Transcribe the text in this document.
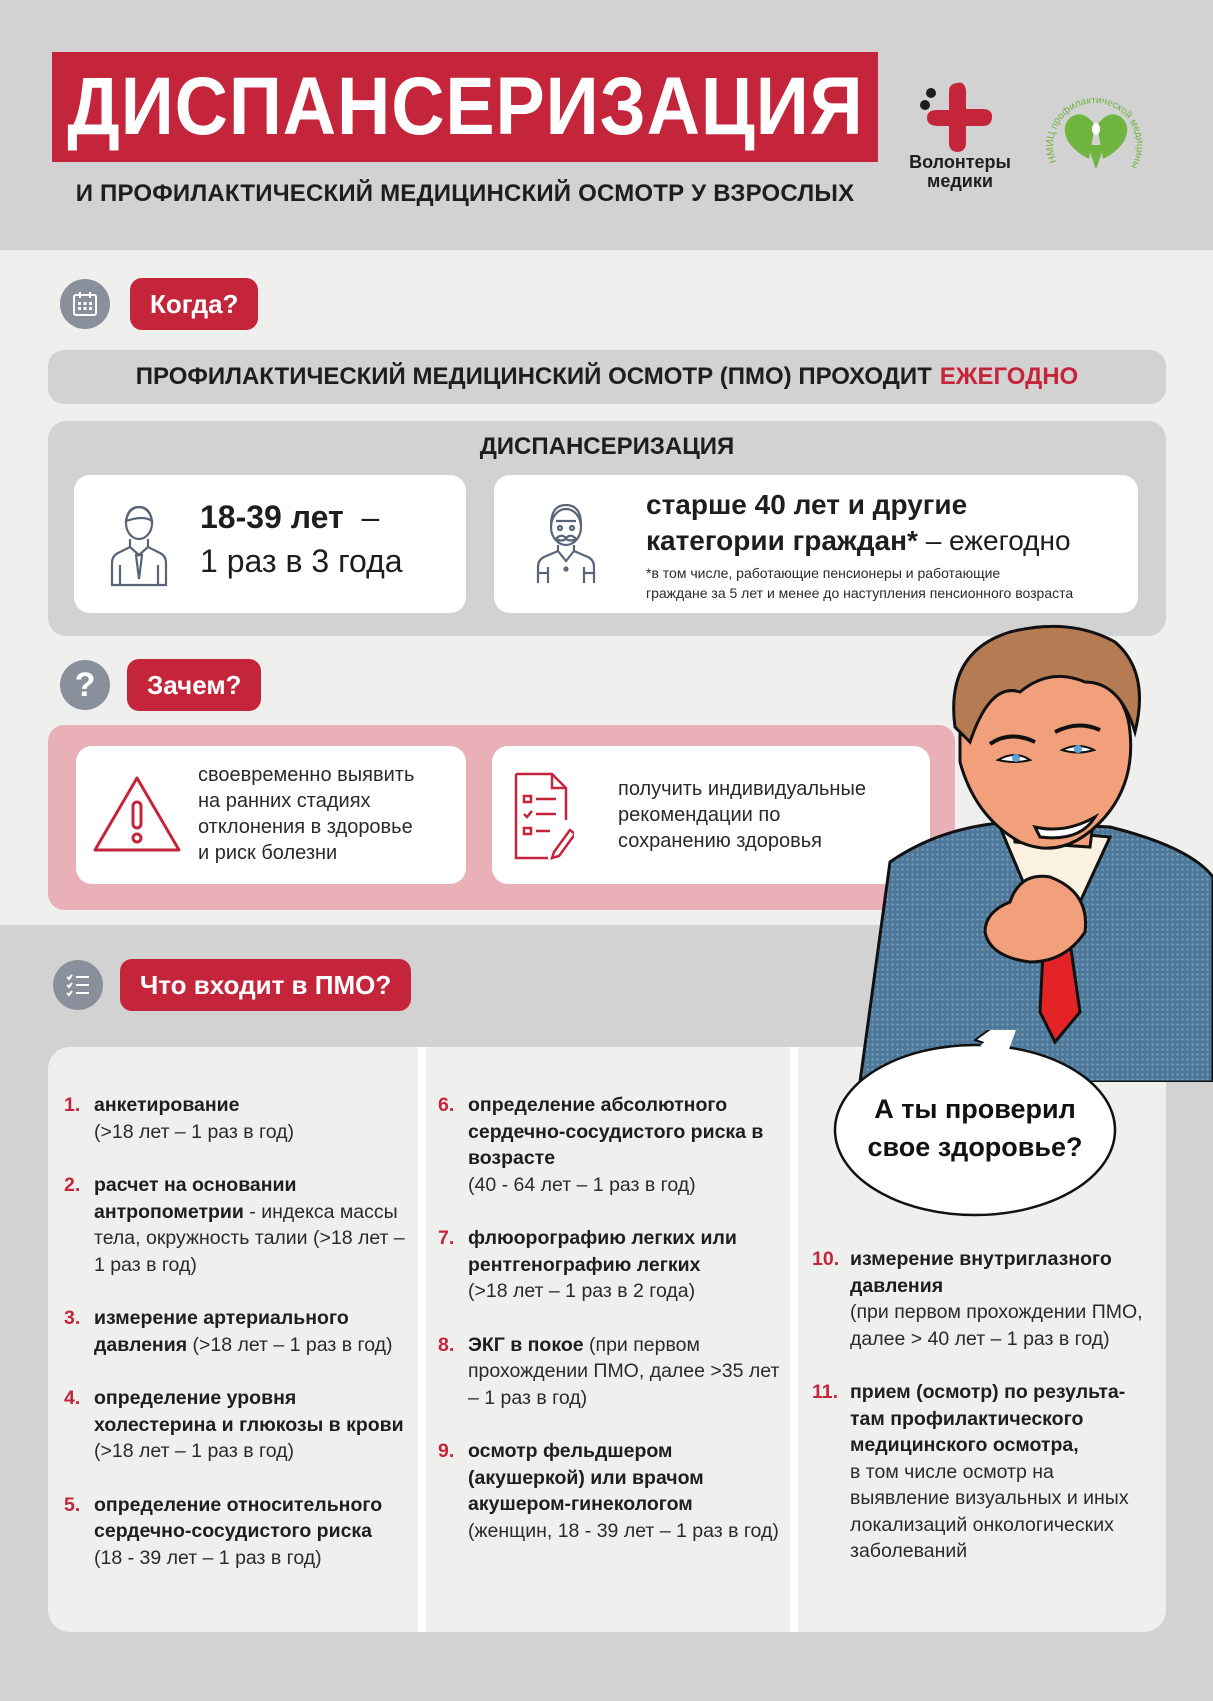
ДИСПАНСЕРИЗАЦИЯ
И ПРОФИЛАКТИЧЕСКИЙ МЕДИЦИНСКИЙ ОСМОТР У ВЗРОСЛЫХ
Волонтеры
медики
НМИЦ профилактической медицины
Когда?
ПРОФИЛАКТИЧЕСКИЙ МЕДИЦИНСКИЙ ОСМОТР (ПМО) ПРОХОДИТ ЕЖЕГОДНО
ДИСПАНСЕРИЗАЦИЯ
18-39 лет –
1 раз в 3 года
старше 40 лет и другие
категории граждан* – ежегодно
*в том числе, работающие пенсионеры и работающие
граждане за 5 лет и менее до наступления пенсионного возраста
? Зачем?
своевременно выявить
на ранних стадиях
отклонения в здоровье
и риск болезни
получить индивидуальные
рекомендации по
сохранению здоровья
Что входит в ПМО?
1. анкетирование
(>18 лет – 1 раз в год)
2. расчет на основании антропометрии - индекса массы тела, окружность талии (>18 лет – 1 раз в год)
3. измерение артериального давления (>18 лет – 1 раз в год)
4. определение уровня холестерина и глюкозы в крови (>18 лет – 1 раз в год)
5. определение относительного сердечно-сосудистого риска
(18 - 39 лет – 1 раз в год)
6. определение абсолютного сердечно-сосудистого риска в возрасте
(40 - 64 лет – 1 раз в год)
7. флюорографию легких или рентгенографию легких
(>18 лет – 1 раз в 2 года)
8. ЭКГ в покое (при первом прохождении ПМО, далее >35 лет – 1 раз в год)
9. осмотр фельдшером (акушеркой) или врачом акушером-гинекологом
(женщин, 18 - 39 лет – 1 раз в год)
10. измерение внутриглазного давления
(при первом прохождении ПМО, далее > 40 лет – 1 раз в год)
11. прием (осмотр) по результа-там профилактического медицинского осмотра,
в том числе осмотр на выявление визуальных и иных локализаций онкологических заболеваний
А ты проверил
свое здоровье?
